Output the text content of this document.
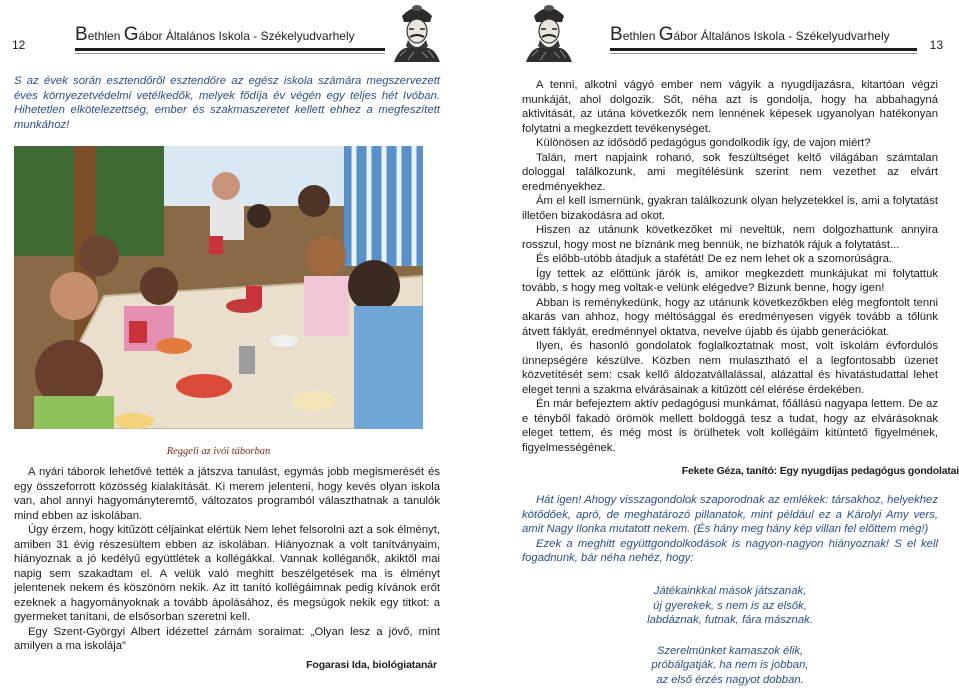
12	Bethlen Gábor Általános Iskola - Székelyudvarhely
S az évek során esztendőről esztendőre az egész iskola számára megszervezett éves környezetvédelmi vetélkedők, melyek fődíja év végén egy teljes hét Ivóban. Hihetetlen elkötelezettség, ember és szakmaszeretet kellett ehhez a megfeszített munkához!
Reggeli az ivói táborban

A nyári táborok lehetővé tették a játszva tanulást, egymás jobb megismerését és egy összeforrott közösség kialakítását. Ki merem jelenteni, hogy kevés olyan iskola van, ahol annyi hagyományteremtő, változatos programból választhatnak a tanulók mind ebben az iskolában.

Úgy érzem, hogy kitűzött céljainkat elértük Nem lehet felsorolni azt a sok élményt, amiben 31 évig részesültem ebben az iskolában. Hiányoznak a volt tanítványaim, hiányoznak a jó kedélyű együttlétek a kollégákkal. Vannak kolléganők, akiktől mai napig sem szakadtam el. A velük való meghitt beszélgetések ma is élményt jelentenek nekem és köszönöm nekik. Az itt tanító kollégáimnak pedig kívánok erőt ezeknek a hagyományoknak a tovább ápolásához, és megsúgok nekik egy titkot: a gyermeket tanítani, de elsősorban szeretni kell.

Egy Szent-Györgyi Albert idézettel zárnám soraimat: „Olyan lesz a jövő, mint amilyen a ma iskolája”

Fogarasi Ida, biológiatanár
Bethlen Gábor Általános Iskola - Székelyudvarhely
13

A tenni, alkotni vágyó ember nem vágyik a nyugdíjazásra, kitartóan végzi munkáját, ahol dolgozik. Sőt, néha azt is gondolja, hogy ha abbahagyná aktivitását, az utána következők nem lennének képesek ugyanolyan hatékonyan folytatni a megkezdett tevékenységet.

Különösen az idősödő pedagógus gondolkodik így, de vajon miért?

Talán, mert napjaink rohanó, sok feszültséget keltő világában számtalan dologgal találkozunk, ami megítélésünk szerint nem vezethet az elvárt eredményekhez.

Ám el kell ismernünk, gyakran találkozunk olyan helyzetekkel is, ami a folytatást illetően bizakodásra ad okot.

Hiszen az utánunk következőket mi neveltük, nem dolgozhattunk annyira rosszul, hogy most ne bíznánk meg bennük, ne bízhatók rájuk a folytatást...

És előbb-utóbb átadjuk a stafétát! De ez nem lehet ok a szomorúságra.

Így tettek az előttünk járók is, amikor megkezdett munkájukat mi folytattuk tovább, s hogy meg voltak-e velünk elégedve? Bizunk benne, hogy igen!

Abban is reménykedünk, hogy az utánunk következőkben elég megfontolt tenni akarás van ahhoz, hogy méltósággal és eredményesen vigyék tovább a tőlünk átvett fáklyát, eredménnyel oktatva, nevelve újabb és újabb generációkat.

Ilyen, és hasonló gondolatok foglalkoztatnak most, volt iskolám évfordulós ünnepségére készülve. Közben nem mulasztható el a legfontosabb üzenet közvetítését sem: csak kellő áldozatvállalással, alázattal és hivatástudattal lehet eleget tenni a szakma elvárásainak a kitűzött cél elérése érdekében.

Én már befejeztem aktív pedagógusi munkámat, főállású nagyapa lettem. De az e tényből fakadó örömök mellett boldoggá tesz a tudat, hogy az elvárásoknak eleget tettem, és még most is örülhetek volt kollégáim kitüntető figyelmének, figyelmességének.

Fekete Géza, tanító: Egy nyugdíjas pedagógus gondolatai

Hát igen! Ahogy visszagondolok szaporodnak az emlékek: társakhoz, helyekhez kötődőek, apró, de meghatározó pillanatok, mint például ez a Károlyi Amy vers, amit Nagy Ilonka mutatott nekem. (És hány meg hány kép villan fel előttem még!)

Ezek a meghitt együttgondolkodások is nagyon-nagyon hiányoznak! S el kell fogadnunk, bár néha nehéz, hogy:

Játékainkkal mások játszanak,
új gyerekek, s nem is az elsők,
labdáznak, futnak, fára másznak.
Szerelmünket kamaszok élik,
próbálgatják, ha nem is jobban,
az első érzés nagyot dobban.
